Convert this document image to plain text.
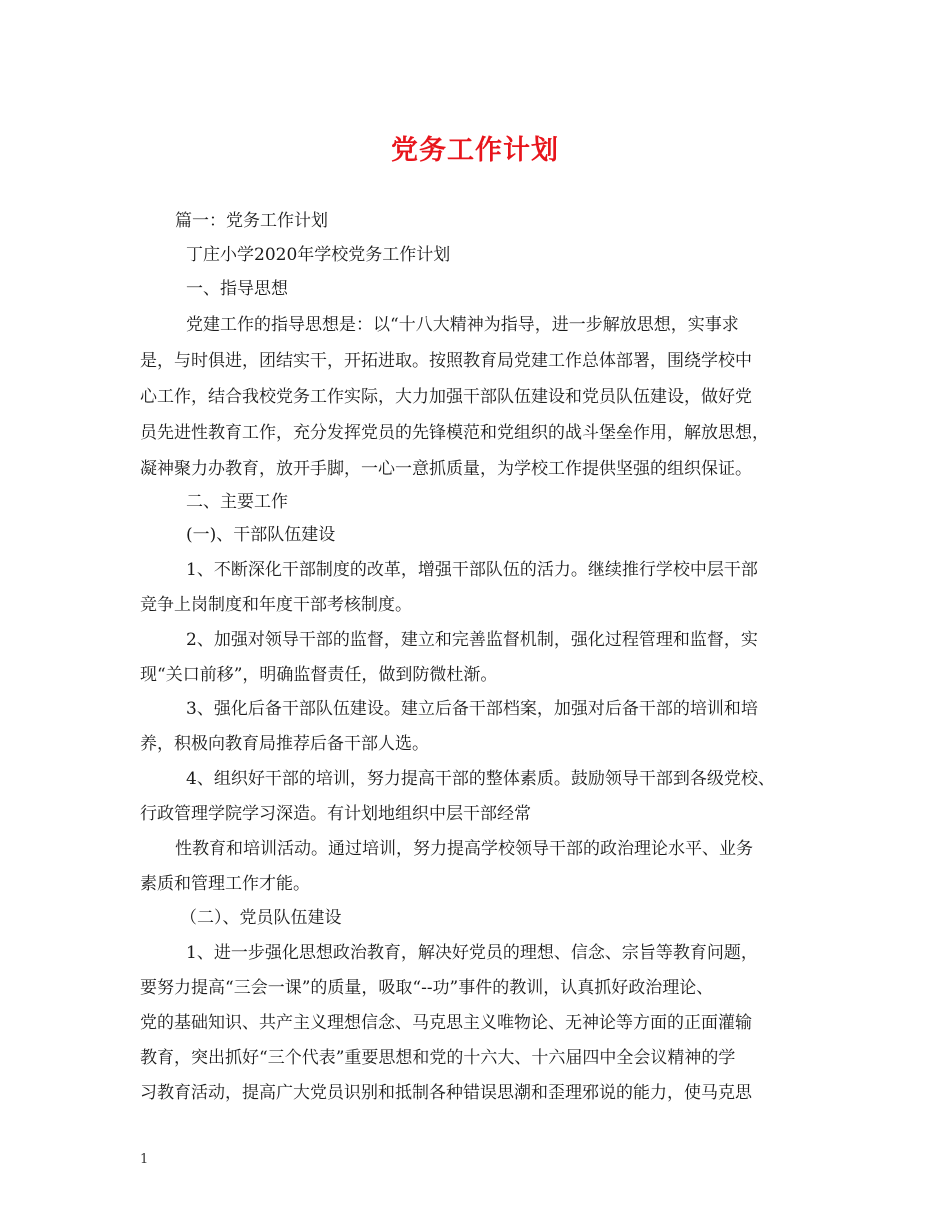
党务工作计划
篇一：党务工作计划
丁庄小学2020年学校党务工作计划
一、指导思想
党建工作的指导思想是：以“十八大精神为指导，进一步解放思想，实事求
是，与时俱进，团结实干，开拓进取。按照教育局党建工作总体部署，围绕学校中
心工作，结合我校党务工作实际，大力加强干部队伍建设和党员队伍建设，做好党
员先进性教育工作，充分发挥党员的先锋模范和党组织的战斗堡垒作用，解放思想，
凝神聚力办教育，放开手脚，一心一意抓质量，为学校工作提供坚强的组织保证。
二、主要工作
(一)、干部队伍建设
1、不断深化干部制度的改革，增强干部队伍的活力。继续推行学校中层干部
竞争上岗制度和年度干部考核制度。
2、加强对领导干部的监督，建立和完善监督机制，强化过程管理和监督，实
现“关口前移”，明确监督责任，做到防微杜渐。
3、强化后备干部队伍建设。建立后备干部档案，加强对后备干部的培训和培
养，积极向教育局推荐后备干部人选。
4、组织好干部的培训，努力提高干部的整体素质。鼓励领导干部到各级党校、
行政管理学院学习深造。有计划地组织中层干部经常
性教育和培训活动。通过培训，努力提高学校领导干部的政治理论水平、业务
素质和管理工作才能。
（二）、党员队伍建设
1、进一步强化思想政治教育，解决好党员的理想、信念、宗旨等教育问题，
要努力提高“三会一课”的质量，吸取“--功”事件的教训，认真抓好政治理论、
党的基础知识、共产主义理想信念、马克思主义唯物论、无神论等方面的正面灌输
教育，突出抓好“三个代表”重要思想和党的十六大、十六届四中全会议精神的学
习教育活动，提高广大党员识别和抵制各种错误思潮和歪理邪说的能力，使马克思
1
